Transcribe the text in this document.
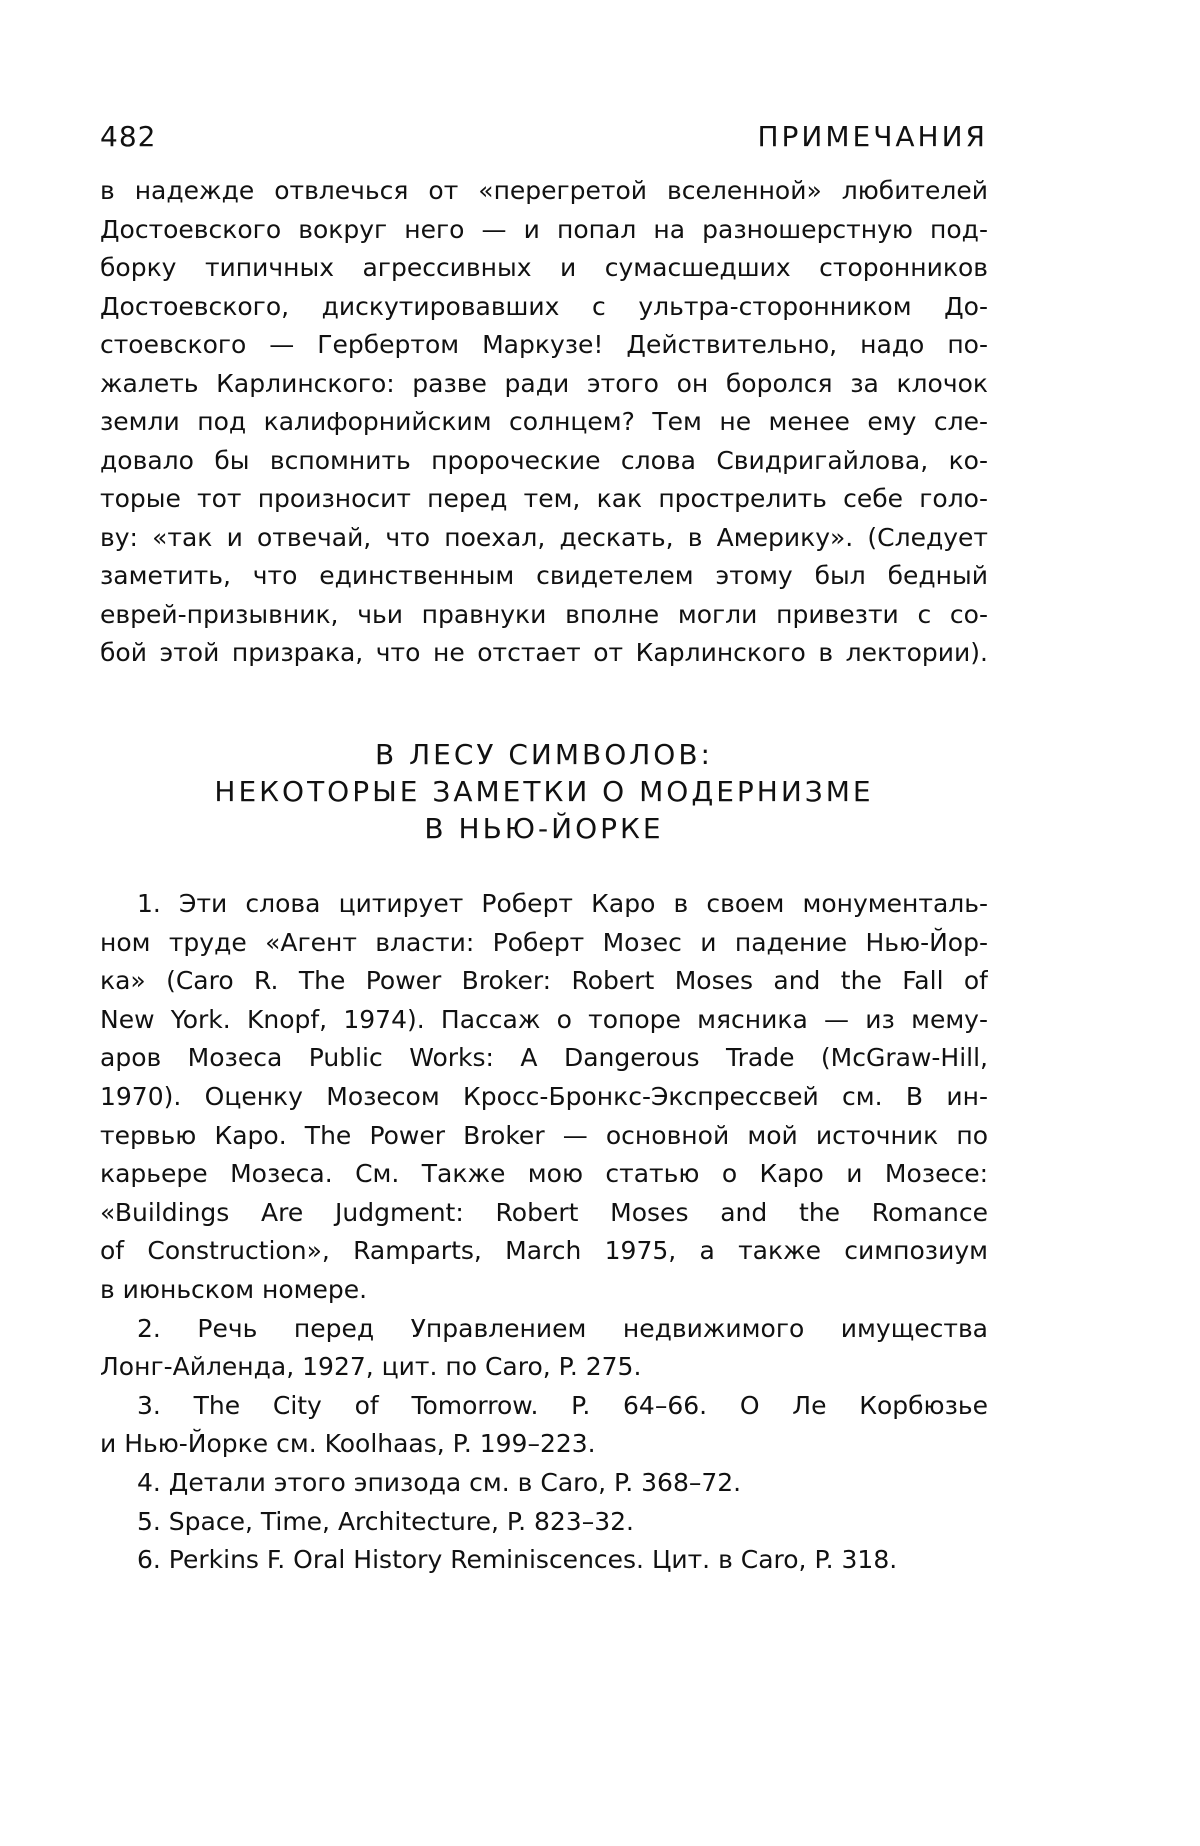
482	ПРИМЕЧАНИЯ
в надежде отвлечься от «перегретой вселенной» любителей
Достоевского вокруг него — и попал на разношерстную под-
борку типичных агрессивных и сумасшедших сторонников
Достоевского, дискутировавших с ультра-сторонником До-
стоевского — Гербертом Маркузе! Действительно, надо по-
жалеть Карлинского: разве ради этого он боролся за клочок
земли под калифорнийским солнцем? Тем не менее ему сле-
довало бы вспомнить пророческие слова Свидригайлова, ко-
торые тот произносит перед тем, как прострелить себе голо-
ву: «так и отвечай, что поехал, дескать, в Америку». (Следует
заметить, что единственным свидетелем этому был бедный
еврей-призывник, чьи правнуки вполне могли привезти с со-
бой этой призрака, что не отстает от Карлинского в лектории).
В ЛЕСУ СИМВОЛОВ:
НЕКОТОРЫЕ ЗАМЕТКИ О МОДЕРНИЗМЕ
В НЬЮ-ЙОРКЕ
1. Эти слова цитирует Роберт Каро в своем монументаль-
ном труде «Агент власти: Роберт Мозес и падение Нью-Йор-
ка» (Caro R. The Power Broker: Robert Moses and the Fall of
New York. Knopf, 1974). Пассаж о топоре мясника — из мему-
аров Мозеса Public Works: A Dangerous Trade (McGraw-Hill,
1970). Оценку Мозесом Кросс-Бронкс-Экспрессвей см. В ин-
тервью Каро. The Power Broker — основной мой источник по
карьере Мозеса. См. Также мою статью о Каро и Мозесе:
«Buildings Are Judgment: Robert Moses and the Romance
of Construction», Ramparts, March 1975, а также симпозиум
в июньском номере.
2. Речь перед Управлением недвижимого имущества
Лонг-Айленда, 1927, цит. по Caro, P. 275.
3. The City of Tomorrow. P. 64–66. О Ле Корбюзье
и Нью-Йорке см. Koolhaas, P. 199–223.
4. Детали этого эпизода см. в Caro, P. 368–72.
5. Space, Time, Architecture, P. 823–32.
6. Perkins F. Oral History Reminiscences. Цит. в Caro, P. 318.
